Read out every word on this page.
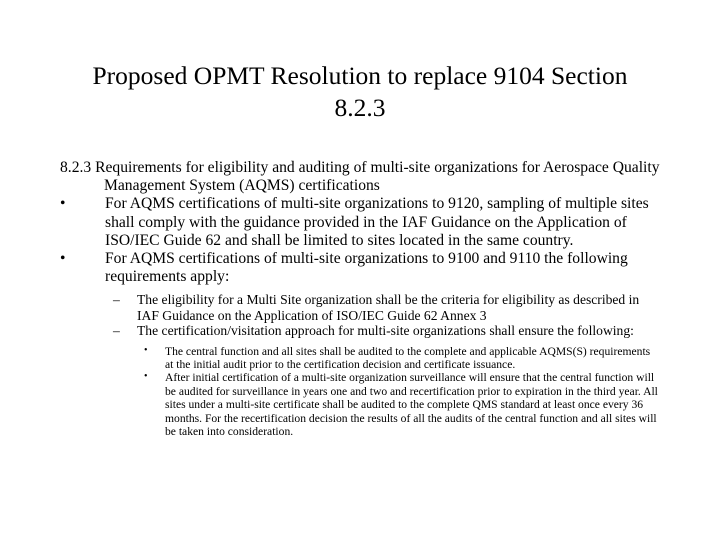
Proposed OPMT Resolution to replace 9104 Section
8.2.3
8.2.3 Requirements for eligibility and auditing of multi-site organizations for Aerospace Quality Management System (AQMS) certifications
•	For AQMS certifications of multi-site organizations to 9120, sampling of multiple sites shall comply with the guidance provided in the IAF Guidance on the Application of ISO/IEC Guide 62 and shall be limited to sites located in the same country.
•	For AQMS certifications of multi-site organizations to 9100 and 9110 the following requirements apply:
– The eligibility for a Multi Site organization shall be the criteria for eligibility as described in IAF Guidance on the Application of ISO/IEC Guide 62 Annex 3
– The certification/visitation approach for multi-site organizations shall ensure the following:
• The central function and all sites shall be audited to the complete and applicable AQMS(S) requirements at the initial audit prior to the certification decision and certificate issuance.
• After initial certification of a multi-site organization surveillance will ensure that the central function will be audited for surveillance in years one and two and recertification prior to expiration in the third year. All sites under a multi-site certificate shall be audited to the complete QMS standard at least once every 36 months. For the recertification decision the results of all the audits of the central function and all sites will be taken into consideration.
